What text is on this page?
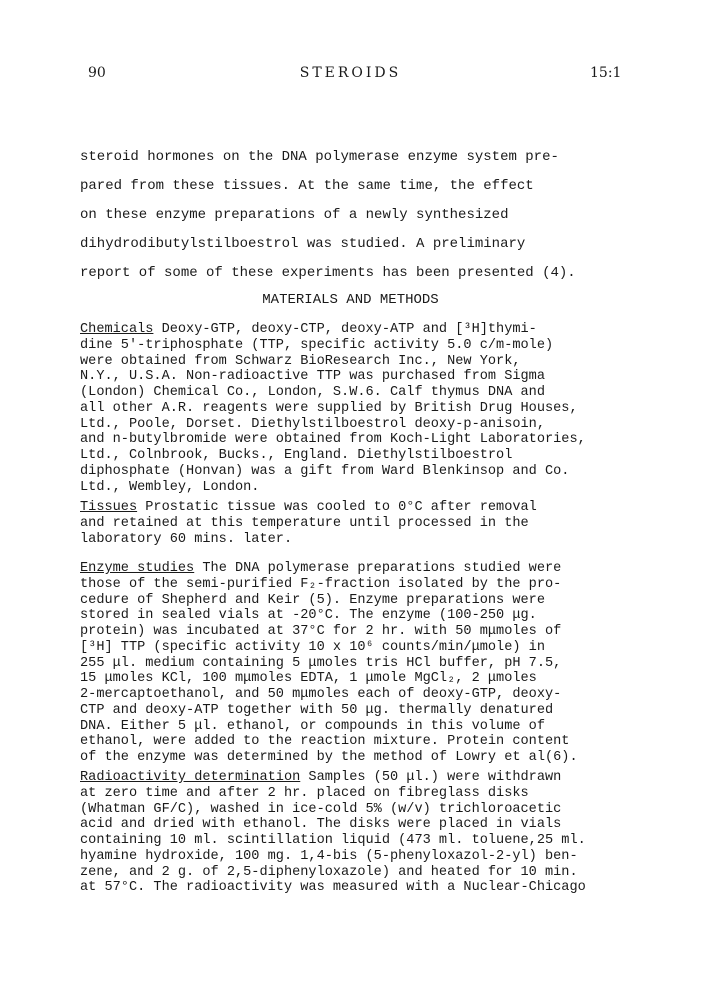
90	STEROIDS	15:1
steroid hormones on the DNA polymerase enzyme system pre-
pared from these tissues. At the same time, the effect
on these enzyme preparations of a newly synthesized
dihydrodibutylstilboestrol was studied. A preliminary
report of some of these experiments has been presented (4).
MATERIALS AND METHODS
Chemicals Deoxy-GTP, deoxy-CTP, deoxy-ATP and [³H]thymi-
dine 5'-triphosphate (TTP, specific activity 5.0 c/m-mole)
were obtained from Schwarz BioResearch Inc., New York,
N.Y., U.S.A. Non-radioactive TTP was purchased from Sigma
(London) Chemical Co., London, S.W.6. Calf thymus DNA and
all other A.R. reagents were supplied by British Drug Houses,
Ltd., Poole, Dorset. Diethylstilboestrol deoxy-p-anisoin,
and n-butylbromide were obtained from Koch-Light Laboratories,
Ltd., Colnbrook, Bucks., England. Diethylstilboestrol
diphosphate (Honvan) was a gift from Ward Blenkinsop and Co.
Ltd., Wembley, London.
Tissues Prostatic tissue was cooled to 0°C after removal
and retained at this temperature until processed in the
laboratory 60 mins. later.
Enzyme studies The DNA polymerase preparations studied were
those of the semi-purified F₂-fraction isolated by the pro-
cedure of Shepherd and Keir (5). Enzyme preparations were
stored in sealed vials at -20°C. The enzyme (100-250 μg.
protein) was incubated at 37°C for 2 hr. with 50 mμmoles of
[³H] TTP (specific activity 10 x 10⁶ counts/min/μmole) in
255 μl. medium containing 5 μmoles tris HCl buffer, pH 7.5,
15 μmoles KCl, 100 mμmoles EDTA, 1 μmole MgCl₂, 2 μmoles
2-mercaptoethanol, and 50 mμmoles each of deoxy-GTP, deoxy-
CTP and deoxy-ATP together with 50 μg. thermally denatured
DNA. Either 5 μl. ethanol, or compounds in this volume of
ethanol, were added to the reaction mixture. Protein content
of the enzyme was determined by the method of Lowry et al(6).
Radioactivity determination Samples (50 μl.) were withdrawn
at zero time and after 2 hr. placed on fibreglass disks
(Whatman GF/C), washed in ice-cold 5% (w/v) trichloroacetic
acid and dried with ethanol. The disks were placed in vials
containing 10 ml. scintillation liquid (473 ml. toluene,25 ml.
hyamine hydroxide, 100 mg. 1,4-bis (5-phenyloxazol-2-yl) ben-
zene, and 2 g. of 2,5-diphenyloxazole) and heated for 10 min.
at 57°C. The radioactivity was measured with a Nuclear-Chicago
